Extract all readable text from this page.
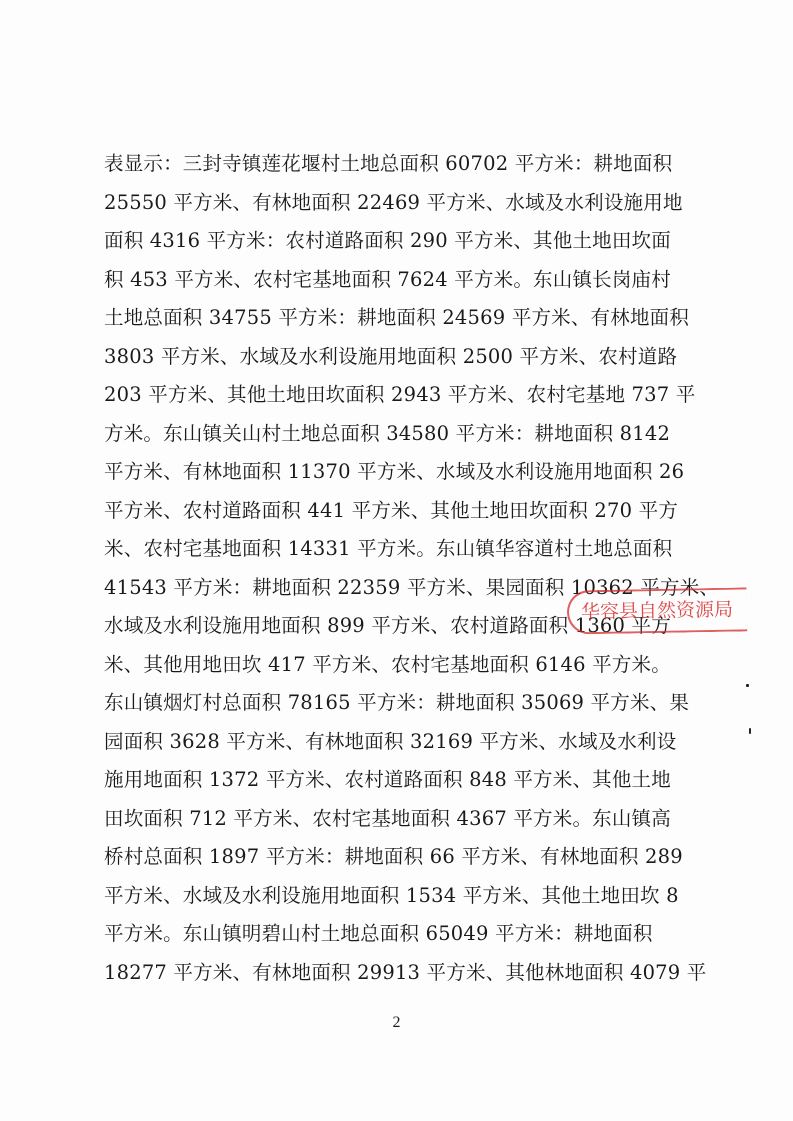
表显示：三封寺镇莲花堰村土地总面积 60702 平方米：耕地面积
25550 平方米、有林地面积 22469 平方米、水域及水利设施用地
面积 4316 平方米：农村道路面积 290 平方米、其他土地田坎面
积 453 平方米、农村宅基地面积 7624 平方米。东山镇长岗庙村
土地总面积 34755 平方米：耕地面积 24569 平方米、有林地面积
3803 平方米、水域及水利设施用地面积 2500 平方米、农村道路
203 平方米、其他土地田坎面积 2943 平方米、农村宅基地 737 平
方米。东山镇关山村土地总面积 34580 平方米：耕地面积 8142
平方米、有林地面积 11370 平方米、水域及水利设施用地面积 26
平方米、农村道路面积 441 平方米、其他土地田坎面积 270 平方
米、农村宅基地面积 14331 平方米。东山镇华容道村土地总面积
41543 平方米：耕地面积 22359 平方米、果园面积 10362 平方米、
水域及水利设施用地面积 899 平方米、农村道路面积 1360 平方
米、其他用地田坎 417 平方米、农村宅基地面积 6146 平方米。
东山镇烟灯村总面积 78165 平方米：耕地面积 35069 平方米、果
园面积 3628 平方米、有林地面积 32169 平方米、水域及水利设
施用地面积 1372 平方米、农村道路面积 848 平方米、其他土地
田坎面积 712 平方米、农村宅基地面积 4367 平方米。东山镇高
桥村总面积 1897 平方米：耕地面积 66 平方米、有林地面积 289
平方米、水域及水利设施用地面积 1534 平方米、其他土地田坎 8
平方米。东山镇明碧山村土地总面积 65049 平方米：耕地面积
18277 平方米、有林地面积 29913 平方米、其他林地面积 4079 平
华容县自然资源局
2
